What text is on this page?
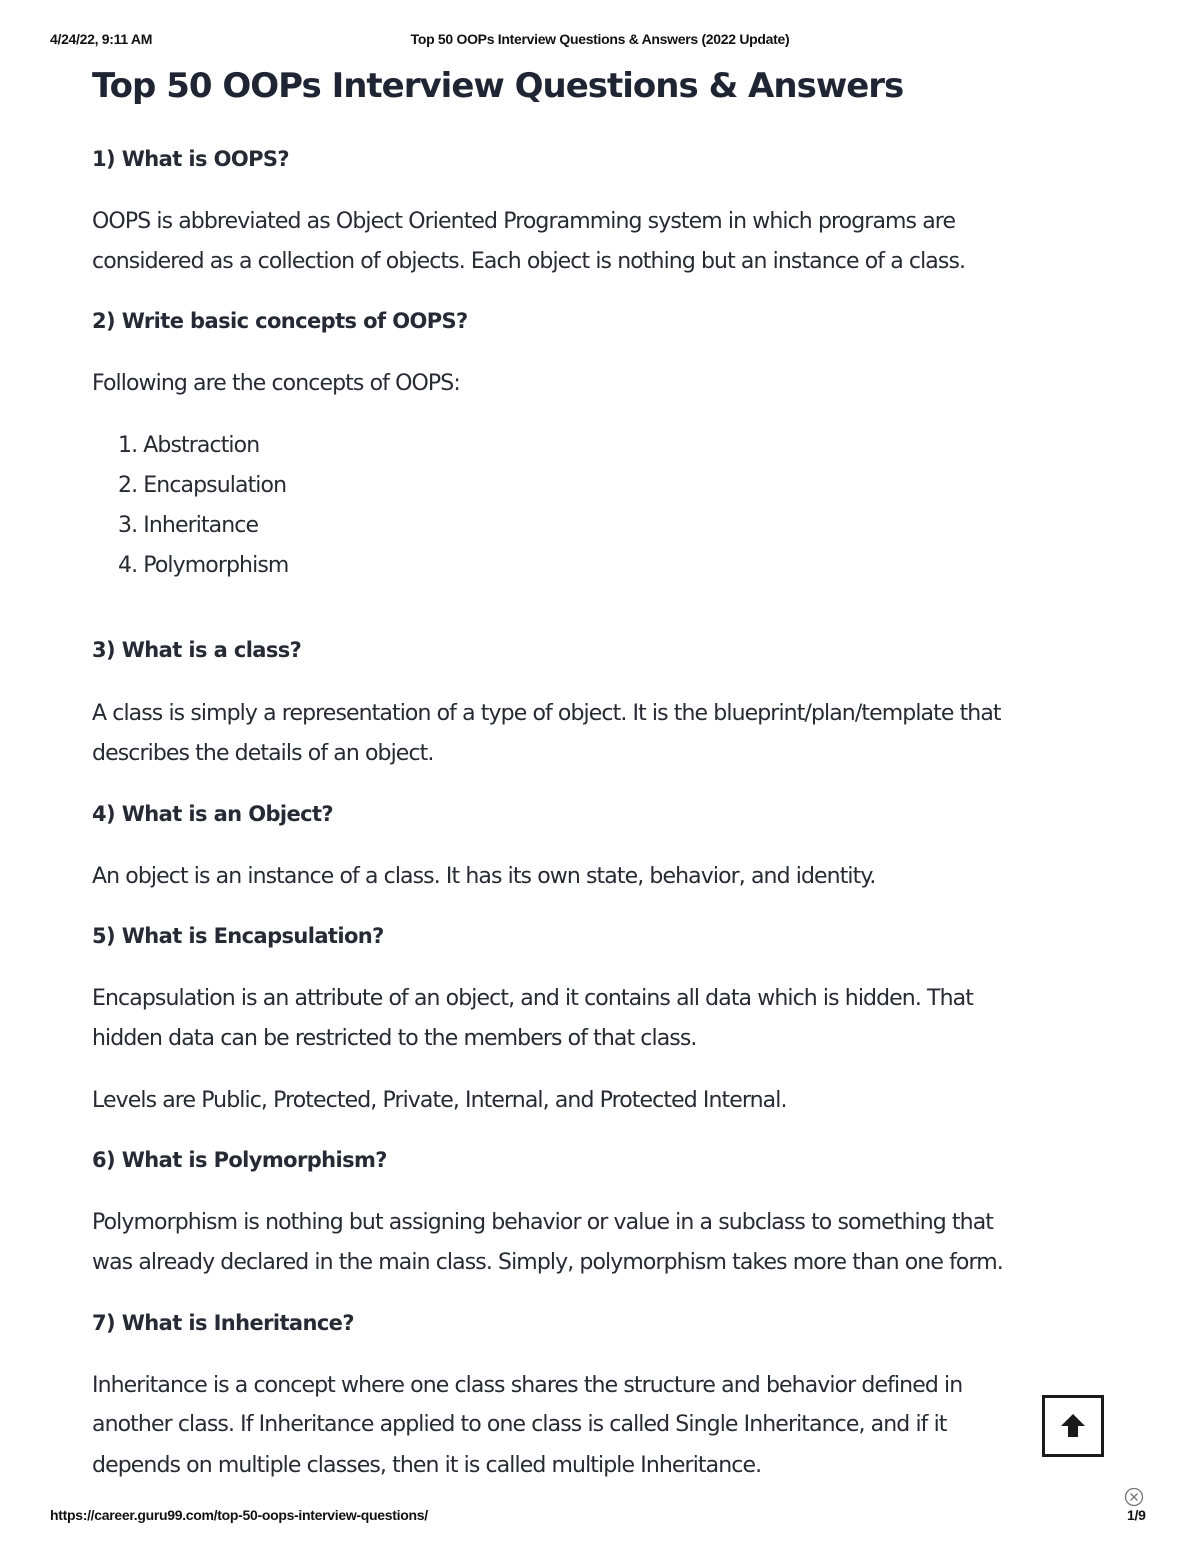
4/24/22, 9:11 AM	Top 50 OOPs Interview Questions & Answers (2022 Update)
Top 50 OOPs Interview Questions & Answers
1) What is OOPS?

OOPS is abbreviated as Object Oriented Programming system in which programs are

considered as a collection of objects. Each object is nothing but an instance of a class.

2) Write basic concepts of OOPS?

Following are the concepts of OOPS:

1. Abstraction
2. Encapsulation
3. Inheritance
4. Polymorphism
3) What is a class?

A class is simply a representation of a type of object. It is the blueprint/plan/template that

describes the details of an object.

4) What is an Object?

An object is an instance of a class. It has its own state, behavior, and identity.

5) What is Encapsulation?

Encapsulation is an attribute of an object, and it contains all data which is hidden. That

hidden data can be restricted to the members of that class.

Levels are Public, Protected, Private, Internal, and Protected Internal.

6) What is Polymorphism?

Polymorphism is nothing but assigning behavior or value in a subclass to something that

was already declared in the main class. Simply, polymorphism takes more than one form.

7) What is Inheritance?

Inheritance is a concept where one class shares the structure and behavior defined in

another class. If Inheritance applied to one class is called Single Inheritance, and if it

depends on multiple classes, then it is called multiple Inheritance.

https://career.guru99.com/top-50-oops-interview-questions/	1/9
